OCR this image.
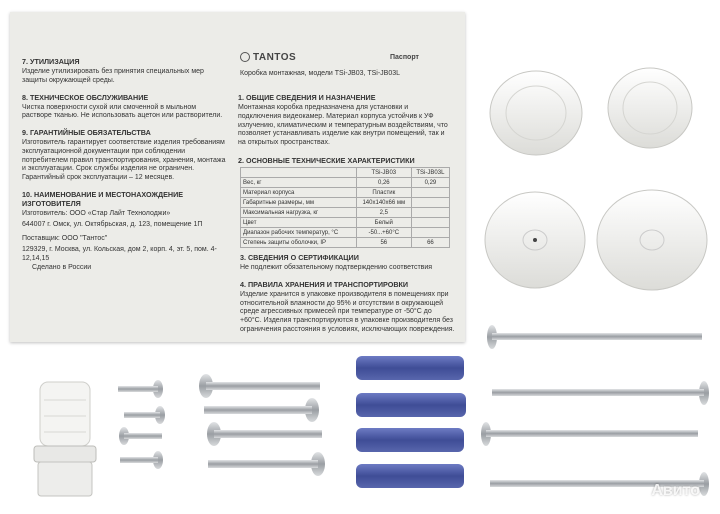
7. УТИЛИЗАЦИЯ
Изделие утилизировать без принятия специальных мер защиты окружающей среды.
8. ТЕХНИЧЕСКОЕ ОБСЛУЖИВАНИЕ
Чистка поверхности сухой или смоченной в мыльном растворе тканью. Не использовать ацетон или растворители.
9. ГАРАНТИЙНЫЕ ОБЯЗАТЕЛЬСТВА
Изготовитель гарантирует соответствие изделия требованиям эксплуатационной документации при соблюдении потребителем правил транспортирования, хранения, монтажа и эксплуатации. Срок службы изделия не ограничен. Гарантийный срок эксплуатации – 12 месяцев.
10. НАИМЕНОВАНИЕ И МЕСТОНАХОЖДЕНИЕ ИЗГОТОВИТЕЛЯ
Изготовитель: ООО «Стар Лайт Технолоджи»
644007 г. Омск, ул. Октябрьская, д. 123, помещение 1П
Поставщик: ООО "Тантос"
129329, г. Москва, ул. Кольская, дом 2, корп. 4, эт. 5, пом. 4-12,14,15
Сделано в России
TANTOS	Паспорт
Коробка монтажная, модели TSi-JB03, TSi-JB03L
1. ОБЩИЕ СВЕДЕНИЯ И НАЗНАЧЕНИЕ
Монтажная коробка предназначена для установки и подключения видеокамер. Материал корпуса устойчив к УФ излучению, климатическим и температурным воздействиям, что позволяет устанавливать изделие как внутри помещений, так и на открытых пространствах.
2. ОСНОВНЫЕ ТЕХНИЧЕСКИЕ ХАРАКТЕРИСТИКИ
	TSi-JB03	TSi-JB03L
Вес, кг	0,26	0,29
Материал корпуса	Пластик	
Габаритные размеры, мм	140х140х66 мм	
Максимальная нагрузка, кг	2,5	
Цвет	Белый	
Диапазон рабочих температур, °С	-50...+60°С	
Степень защиты оболочки, IP	56	66
3. СВЕДЕНИЯ О СЕРТИФИКАЦИИ
Не подлежит обязательному подтверждению соответствия
4. ПРАВИЛА ХРАНЕНИЯ И ТРАНСПОРТИРОВКИ
Изделие хранится в упаковке производителя в помещениях при относительной влажности до 95% и отсутствии в окружающей среде агрессивных примесей при температуре от -50°С до +60°С. Изделия транспортируются в упаковке производителя без ограничения расстояния в условиях, исключающих повреждения.
Авито
